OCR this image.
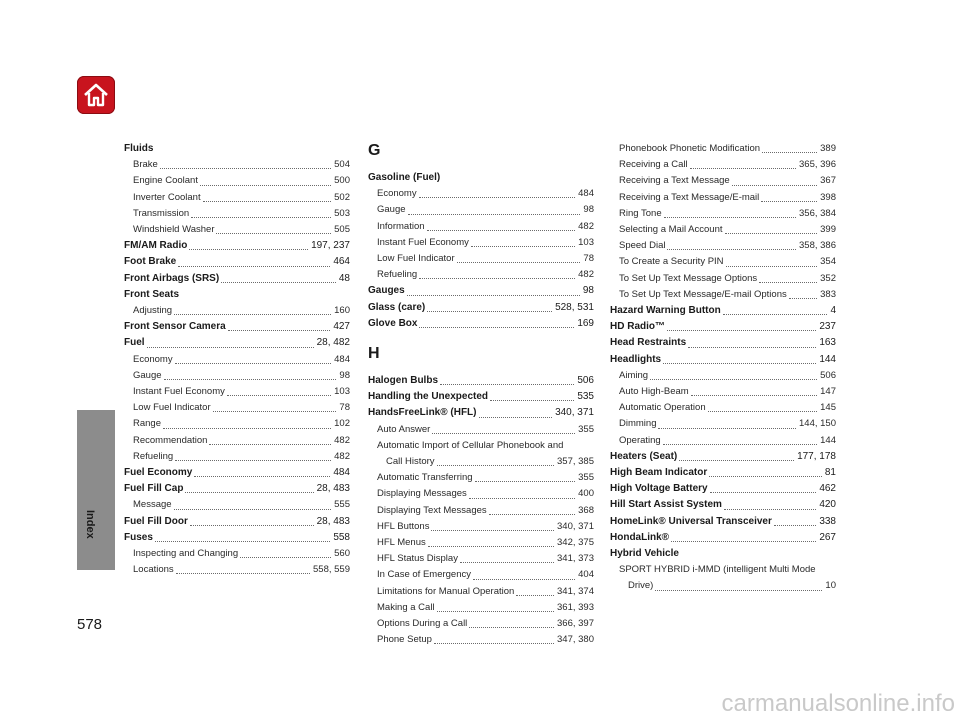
Index
Fluids
Brake	504
Engine Coolant	500
Inverter Coolant	502
Transmission	503
Windshield Washer	505
FM/AM Radio	197, 237
Foot Brake	464
Front Airbags (SRS)	48
Front Seats
Adjusting	160
Front Sensor Camera	427
Fuel	28, 482
Economy	484
Gauge	98
Instant Fuel Economy	103
Low Fuel Indicator	78
Range	102
Recommendation	482
Refueling	482
Fuel Economy	484
Fuel Fill Cap	28, 483
Message	555
Fuel Fill Door	28, 483
Fuses	558
Inspecting and Changing	560
Locations	558, 559
G
Gasoline (Fuel)
Economy	484
Gauge	98
Information	482
Instant Fuel Economy	103
Low Fuel Indicator	78
Refueling	482
Gauges	98
Glass (care)	528, 531
Glove Box	169
H
Halogen Bulbs	506
Handling the Unexpected	535
HandsFreeLink® (HFL)	340, 371
Auto Answer	355
Automatic Import of Cellular Phonebook and
Call History	357, 385
Automatic Transferring	355
Displaying Messages	400
Displaying Text Messages	368
HFL Buttons	340, 371
HFL Menus	342, 375
HFL Status Display	341, 373
In Case of Emergency	404
Limitations for Manual Operation	341, 374
Making a Call	361, 393
Options During a Call	366, 397
Phone Setup	347, 380
Phonebook Phonetic Modification	389
Receiving a Call	365, 396
Receiving a Text Message	367
Receiving a Text Message/E-mail	398
Ring Tone	356, 384
Selecting a Mail Account	399
Speed Dial	358, 386
To Create a Security PIN	354
To Set Up Text Message Options	352
To Set Up Text Message/E-mail Options	383
Hazard Warning Button	4
HD Radio™	237
Head Restraints	163
Headlights	144
Aiming	506
Auto High-Beam	147
Automatic Operation	145
Dimming	144, 150
Operating	144
Heaters (Seat)	177, 178
High Beam Indicator	81
High Voltage Battery	462
Hill Start Assist System	420
HomeLink® Universal Transceiver	338
HondaLink®	267
Hybrid Vehicle
SPORT HYBRID i-MMD (intelligent Multi Mode
Drive)	10
578
carmanualsonline.info
